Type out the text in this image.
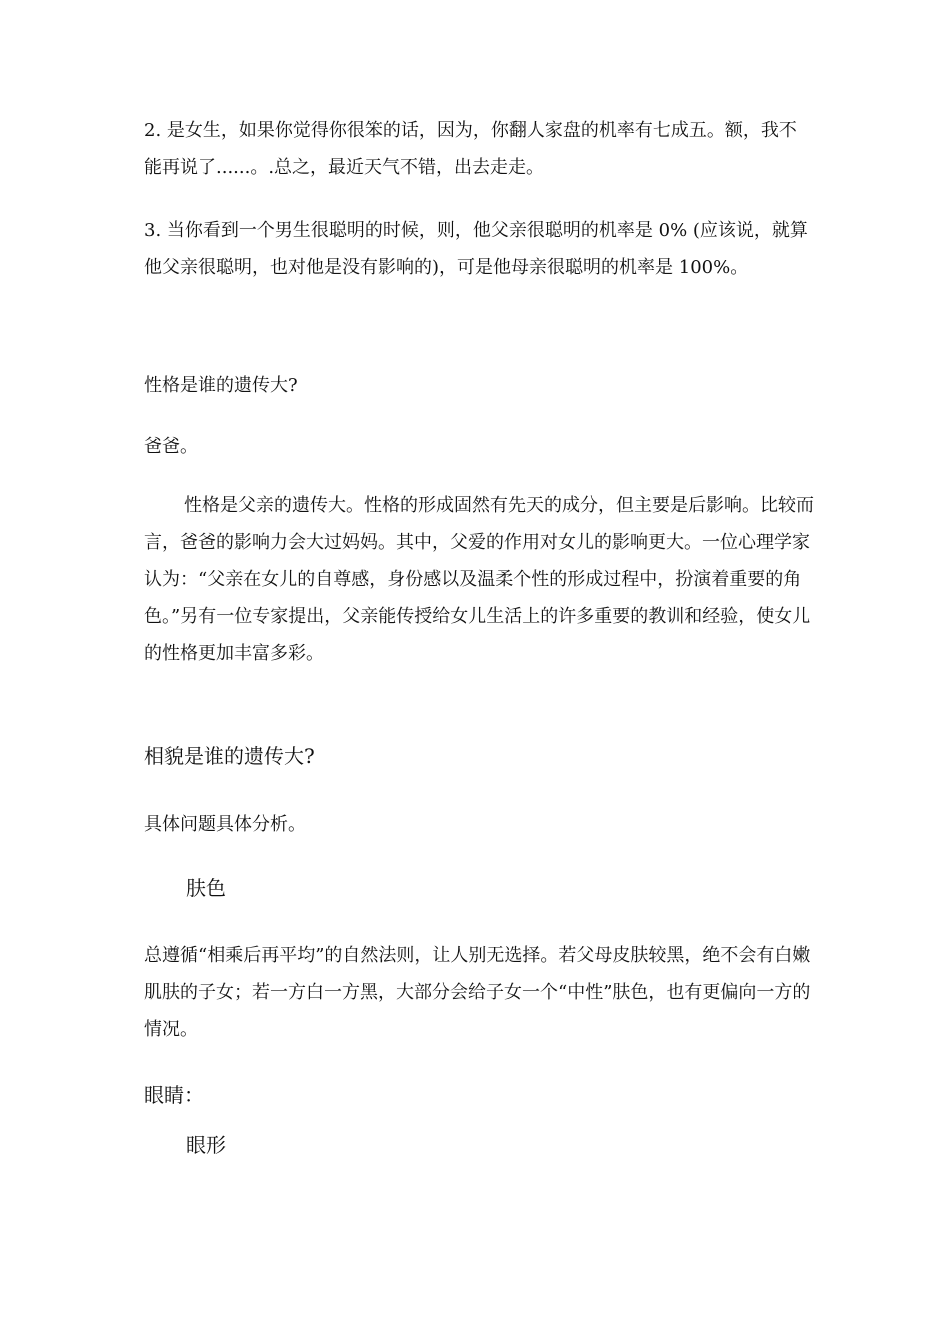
2. 是女生，如果你觉得你很笨的话，因为，你翻人家盘的机率有七成五。额，我不能再说了......。.总之，最近天气不错，出去走走。

3. 当你看到一个男生很聪明的时候，则，他父亲很聪明的机率是 0% (应该说，就算他父亲很聪明，也对他是没有影响的)，可是他母亲很聪明的机率是 100%。

性格是谁的遗传大?

爸爸。

性格是父亲的遗传大。性格的形成固然有先天的成分，但主要是后影响。比较而言，爸爸的影响力会大过妈妈。其中，父爱的作用对女儿的影响更大。一位心理学家认为：“父亲在女儿的自尊感，身份感以及温柔个性的形成过程中，扮演着重要的角色。”另有一位专家提出，父亲能传授给女儿生活上的许多重要的教训和经验，使女儿的性格更加丰富多彩。

相貌是谁的遗传大?

具体问题具体分析。

肤色

总遵循“相乘后再平均”的自然法则，让人别无选择。若父母皮肤较黑，绝不会有白嫩肌肤的子女；若一方白一方黑，大部分会给子女一个“中性”肤色，也有更偏向一方的情况。

眼睛：

眼形
